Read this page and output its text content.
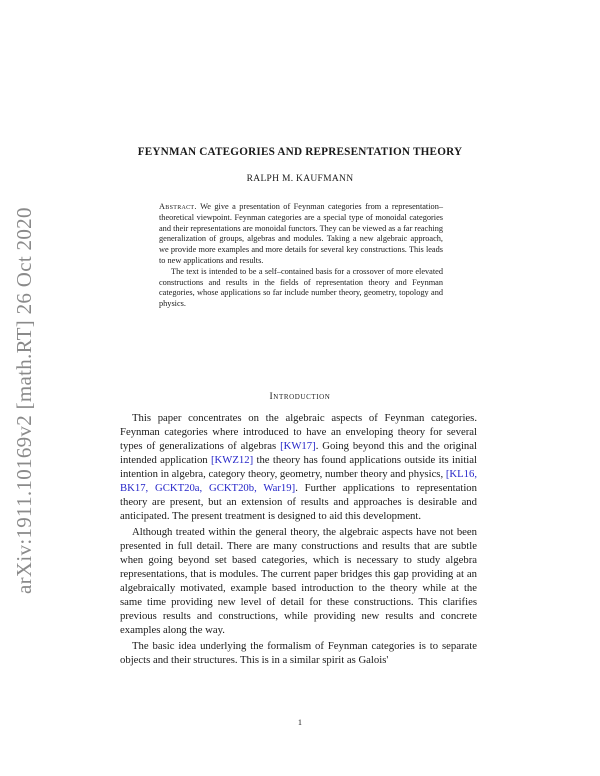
arXiv:1911.10169v2 [math.RT] 26 Oct 2020
FEYNMAN CATEGORIES AND REPRESENTATION THEORY
RALPH M. KAUFMANN

Abstract. We give a presentation of Feynman categories from a representation–theoretical viewpoint. Feynman categories are a special type of monoidal categories and their representations are monoidal functors. They can be viewed as a far reaching generalization of groups, algebras and modules. Taking a new algebraic approach, we provide more examples and more details for several key constructions. This leads to new applications and results.

The text is intended to be a self–contained basis for a crossover of more elevated constructions and results in the fields of representation theory and Feynman categories, whose applications so far include number theory, geometry, topology and physics.

Introduction

This paper concentrates on the algebraic aspects of Feynman categories. Feynman categories where introduced to have an enveloping theory for several types of generalizations of algebras [KW17]. Going beyond this and the original intended application [KWZ12] the theory has found applications outside its initial intention in algebra, category theory, geometry, number theory and physics, [KL16, BK17, GCKT20a, GCKT20b, War19]. Further applications to representation theory are present, but an extension of results and approaches is desirable and anticipated. The present treatment is designed to aid this development.

Although treated within the general theory, the algebraic aspects have not been presented in full detail. There are many constructions and results that are subtle when going beyond set based categories, which is necessary to study algebra representations, that is modules. The current paper bridges this gap providing at an algebraically motivated, example based introduction to the theory while at the same time providing new level of detail for these constructions. This clarifies previous results and constructions, while providing new results and concrete examples along the way.

The basic idea underlying the formalism of Feynman categories is to separate objects and their structures. This is in a similar spirit as Galois'

1
